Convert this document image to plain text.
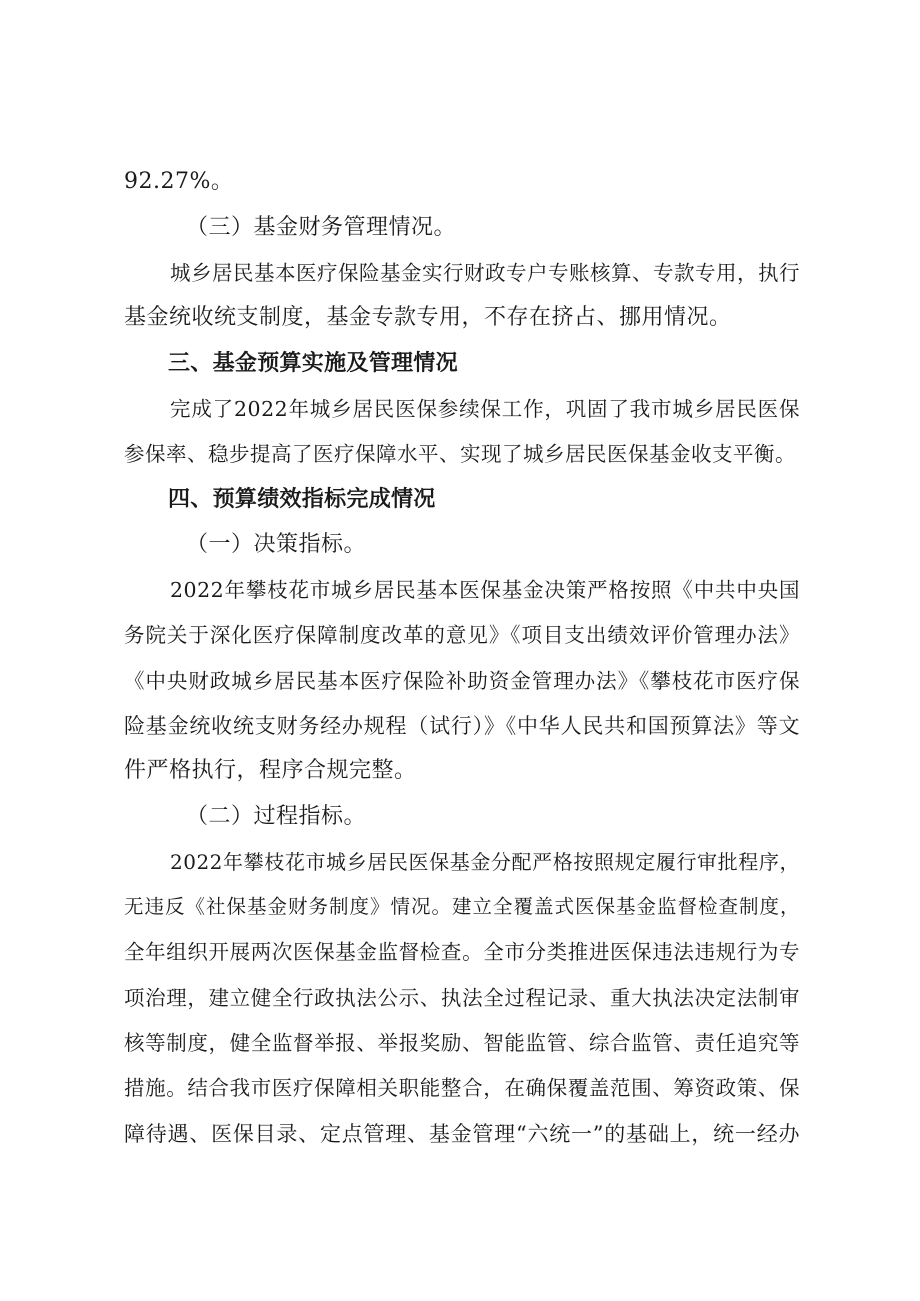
92.27%。
（三）基金财务管理情况。
城乡居民基本医疗保险基金实行财政专户专账核算、专款专用，执行
基金统收统支制度，基金专款专用，不存在挤占、挪用情况。
三、基金预算实施及管理情况
完成了2022年城乡居民医保参续保工作，巩固了我市城乡居民医保
参保率、稳步提高了医疗保障水平、实现了城乡居民医保基金收支平衡。
四、预算绩效指标完成情况
（一）决策指标。
2022年攀枝花市城乡居民基本医保基金决策严格按照《中共中央国
务院关于深化医疗保障制度改革的意见》《项目支出绩效评价管理办法》
《中央财政城乡居民基本医疗保险补助资金管理办法》《攀枝花市医疗保
险基金统收统支财务经办规程（试行）》《中华人民共和国预算法》等文
件严格执行，程序合规完整。
（二）过程指标。
2022年攀枝花市城乡居民医保基金分配严格按照规定履行审批程序，
无违反《社保基金财务制度》情况。建立全覆盖式医保基金监督检查制度，
全年组织开展两次医保基金监督检查。全市分类推进医保违法违规行为专
项治理，建立健全行政执法公示、执法全过程记录、重大执法决定法制审
核等制度，健全监督举报、举报奖励、智能监管、综合监管、责任追究等
措施。结合我市医疗保障相关职能整合，在确保覆盖范围、筹资政策、保
障待遇、医保目录、定点管理、基金管理“六统一”的基础上，统一经办
